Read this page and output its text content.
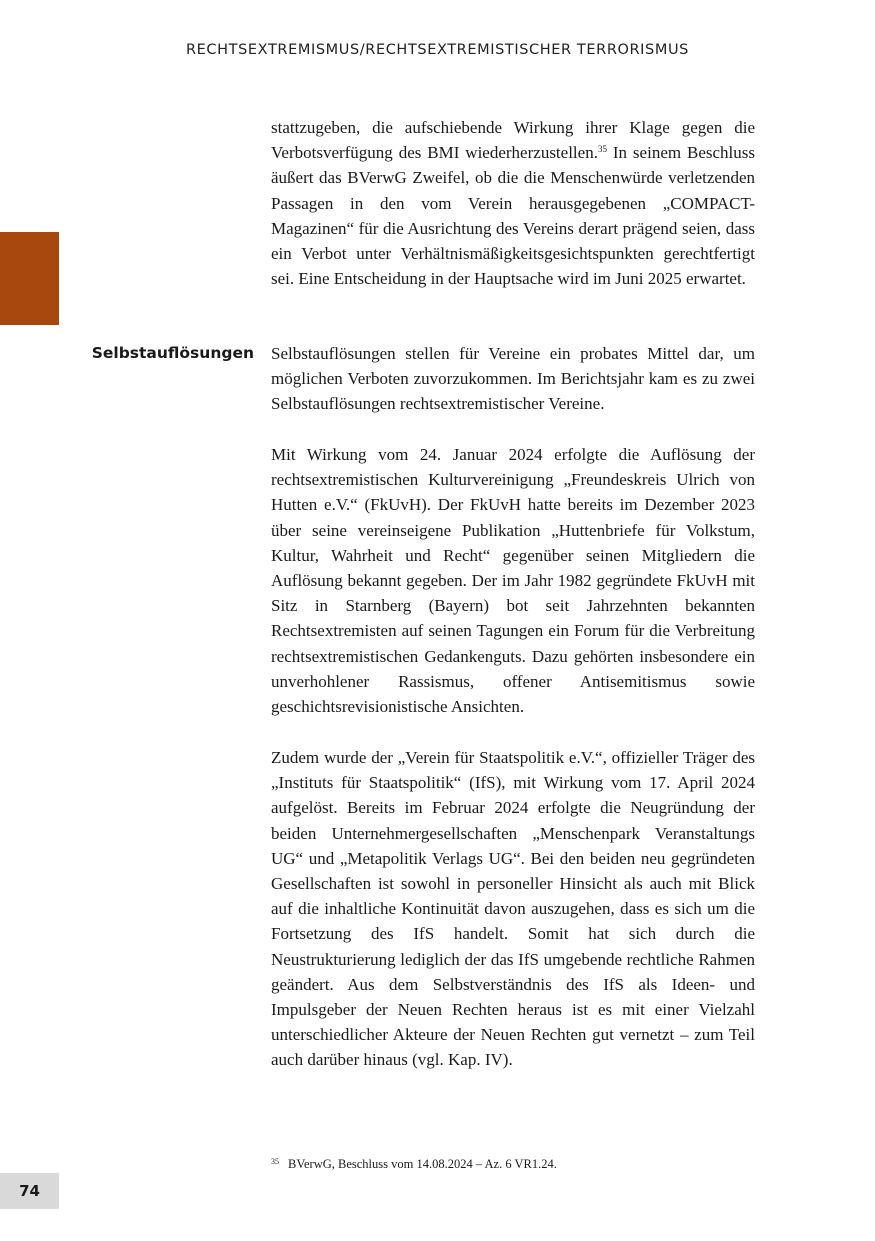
RECHTSEXTREMISMUS/RECHTSEXTREMISTISCHER TERRORISMUS

stattzugeben, die aufschiebende Wirkung ihrer Klage gegen die Verbotsverfügung des BMI wiederherzustellen.$^{35}$ In seinem Beschluss äußert das BVerwG Zweifel, ob die die Menschenwürde verletzenden Passagen in den vom Verein herausgegebenen „COMPACT-Magazinen“ für die Ausrichtung des Vereins derart prägend seien, dass ein Verbot unter Verhältnismäßigkeitsgesichtspunkten gerechtfertigt sei. Eine Entscheidung in der Hauptsache wird im Juni 2025 erwartet.

Selbstauflösungen Selbstauflösungen stellen für Vereine ein probates Mittel dar, um möglichen Verboten zuvorzukommen. Im Berichtsjahr kam es zu zwei Selbstauflösungen rechtsextremistischer Vereine.

Mit Wirkung vom 24. Januar 2024 erfolgte die Auflösung der rechtsextremistischen Kulturvereinigung „Freundeskreis Ulrich von Hutten e.V.“ (FkUvH). Der FkUvH hatte bereits im Dezember 2023 über seine vereinseigene Publikation „Huttenbriefe für Volkstum, Kultur, Wahrheit und Recht“ gegenüber seinen Mitgliedern die Auflösung bekannt gegeben. Der im Jahr 1982 gegründete FkUvH mit Sitz in Starnberg (Bayern) bot seit Jahrzehnten bekannten Rechtsextremisten auf seinen Tagungen ein Forum für die Verbreitung rechtsextremistischen Gedankenguts. Dazu gehörten insbesondere ein unverhohlener Rassismus, offener Antisemitismus sowie geschichtsrevisionistische Ansichten.

Zudem wurde der „Verein für Staatspolitik e.V.“, offizieller Träger des „Instituts für Staatspolitik“ (IfS), mit Wirkung vom 17. April 2024 aufgelöst. Bereits im Februar 2024 erfolgte die Neugründung der beiden Unternehmergesellschaften „Menschenpark Veranstaltungs UG“ und „Metapolitik Verlags UG“. Bei den beiden neu gegründeten Gesellschaften ist sowohl in personeller Hinsicht als auch mit Blick auf die inhaltliche Kontinuität davon auszugehen, dass es sich um die Fortsetzung des IfS handelt. Somit hat sich durch die Neustrukturierung lediglich der das IfS umgebende rechtliche Rahmen geändert. Aus dem Selbstverständnis des IfS als Ideen- und Impulsgeber der Neuen Rechten heraus ist es mit einer Vielzahl unterschiedlicher Akteure der Neuen Rechten gut vernetzt – zum Teil auch darüber hinaus (vgl. Kap. IV).

$^{35}$ BVerwG, Beschluss vom 14.08.2024 – Az. 6 VR1.24.
74
